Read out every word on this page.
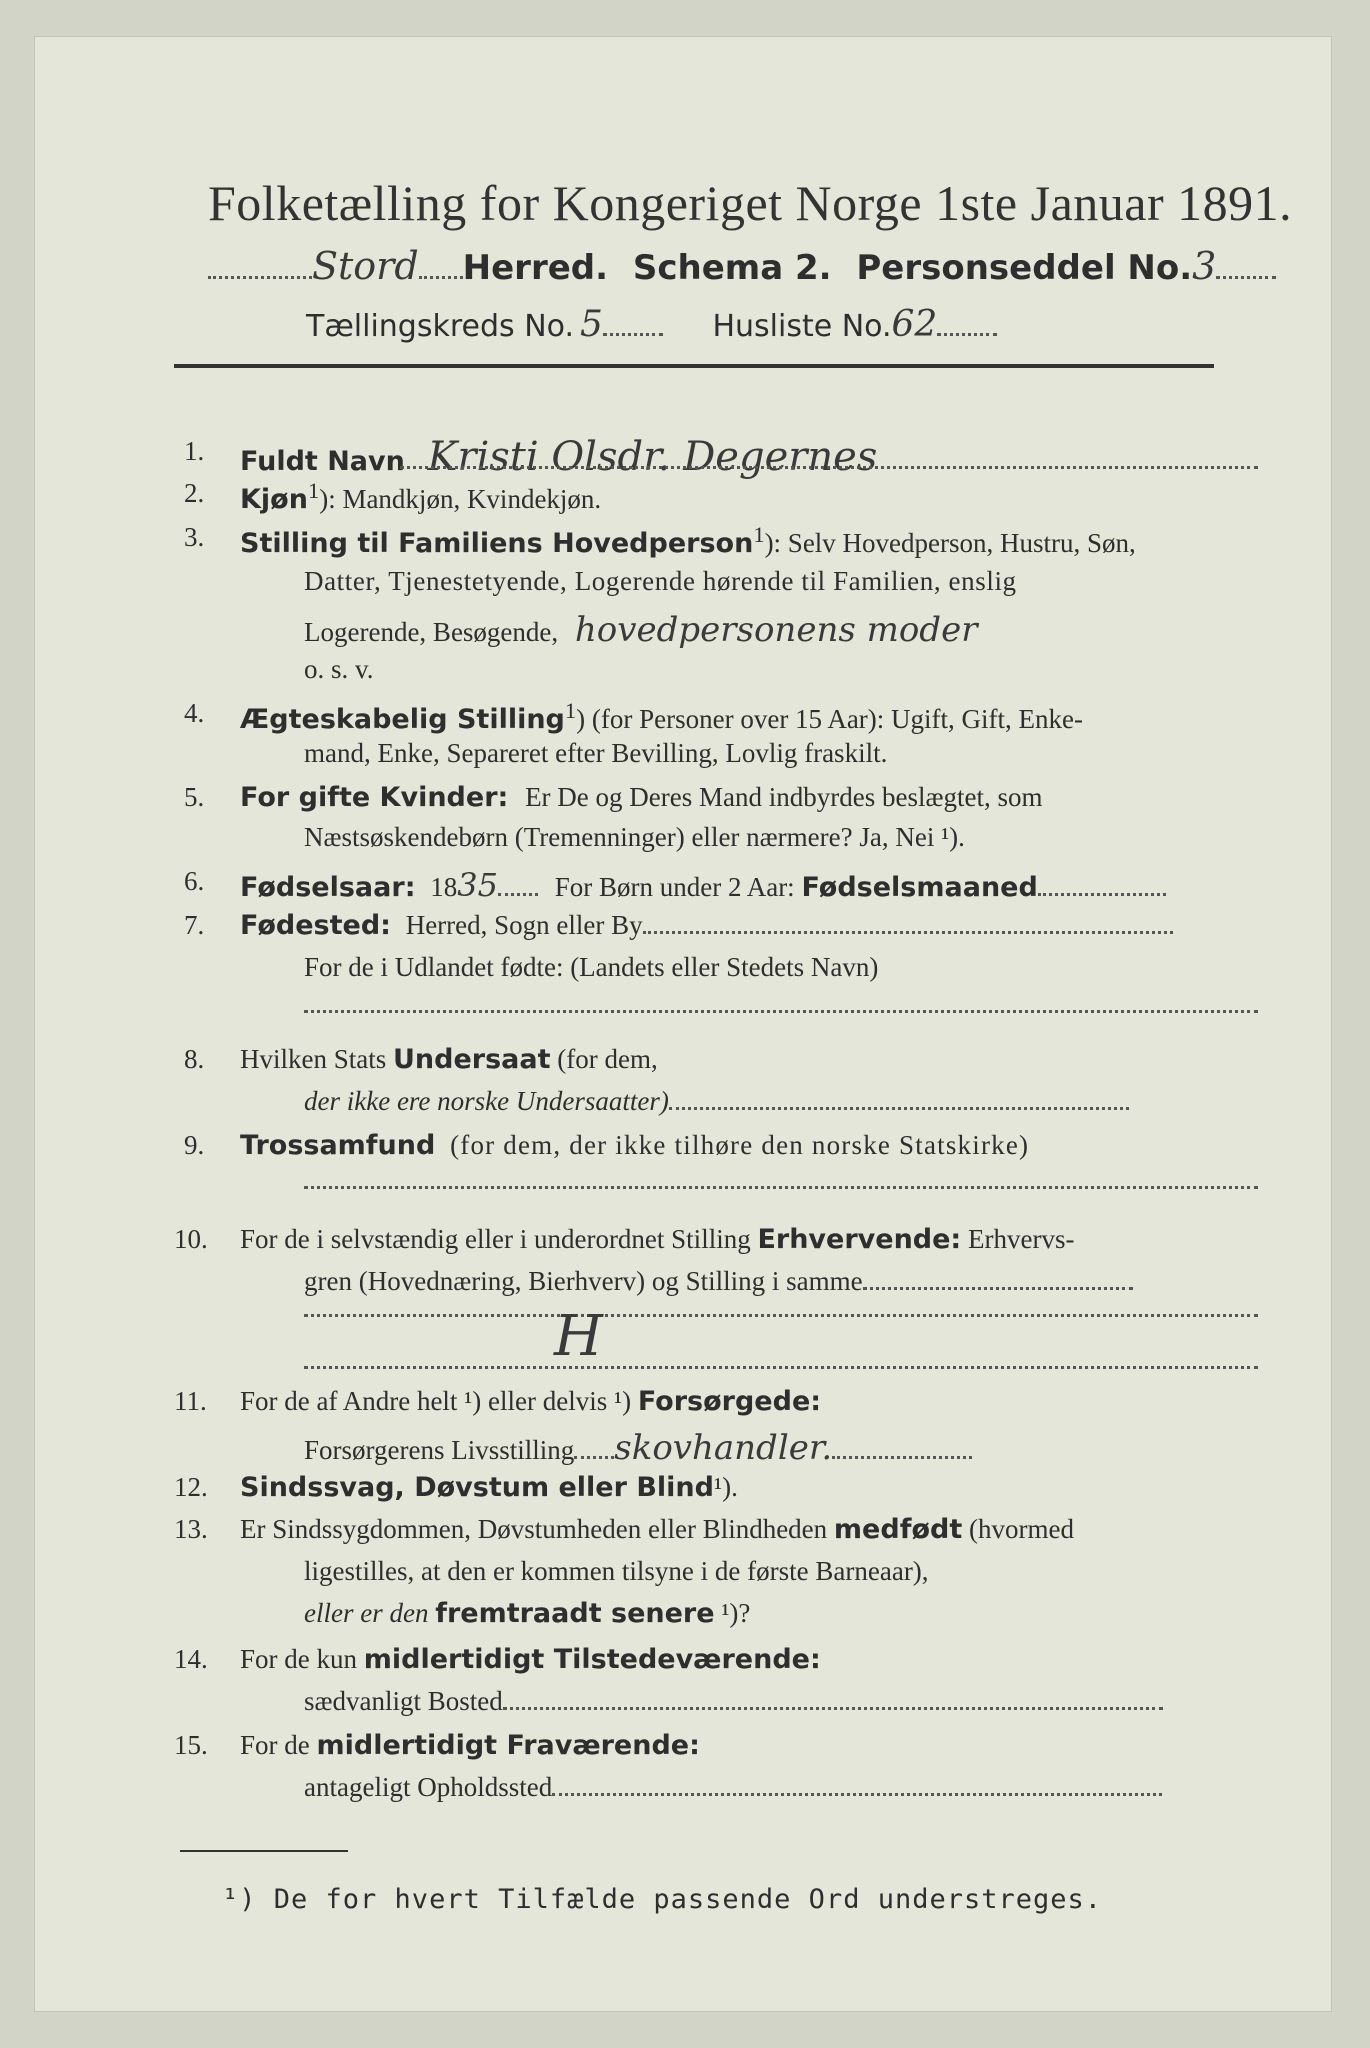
Folketælling for Kongeriget Norge 1ste Januar 1891.
Stord Herred. Schema 2. Personseddel No.3
Tællingskreds No. 5	Husliste No.62
1. Fuldt Navn Kristi Olsdr. Degernes
2. Kjøn$^1$): Mandkjøn, Kvindekjøn.
3. Stilling til Familiens Hovedperson$^1$): Selv Hovedperson, Hustru, Søn,
Datter, Tjenestetyende, Logerende hørende til Familien, enslig
Logerende, Besøgende, hovedpersonens moder
o. s. v.
4. Ægteskabelig Stilling$^1$) (for Personer over 15 Aar): Ugift, Gift, Enke-
mand, Enke, Separeret efter Bevilling, Lovlig fraskilt.
5. For gifte Kvinder: Er De og Deres Mand indbyrdes beslægtet, som
Næstsøskendebørn (Tremenninger) eller nærmere? Ja, Nei ¹).
6. Fødselsaar: 1835 For Børn under 2 Aar: Fødselsmaaned
7. Fødested: Herred, Sogn eller By
For de i Udlandet fødte: (Landets eller Stedets Navn)
8. Hvilken Stats Undersaat (for dem,
der ikke ere norske Undersaatter)
9. Trossamfund (for dem, der ikke tilhøre den norske Statskirke)
10. For de i selvstændig eller i underordnet Stilling Erhvervende: Erhvervs-
gren (Hovednæring, Bierhverv) og Stilling i samme
H
11. For de af Andre helt ¹) eller delvis ¹) Forsørgede:
Forsørgerens Livsstilling skovhandler.
12. Sindssvag, Døvstum eller Blind¹).
13. Er Sindssygdommen, Døvstumheden eller Blindheden medfødt (hvormed
ligestilles, at den er kommen tilsyne i de første Barneaar),
eller er den fremtraadt senere ¹)?
14. For de kun midlertidigt Tilstedeværende:
sædvanligt Bosted
15. For de midlertidigt Fraværende:
antageligt Opholdssted
¹) De for hvert Tilfælde passende Ord understreges.
